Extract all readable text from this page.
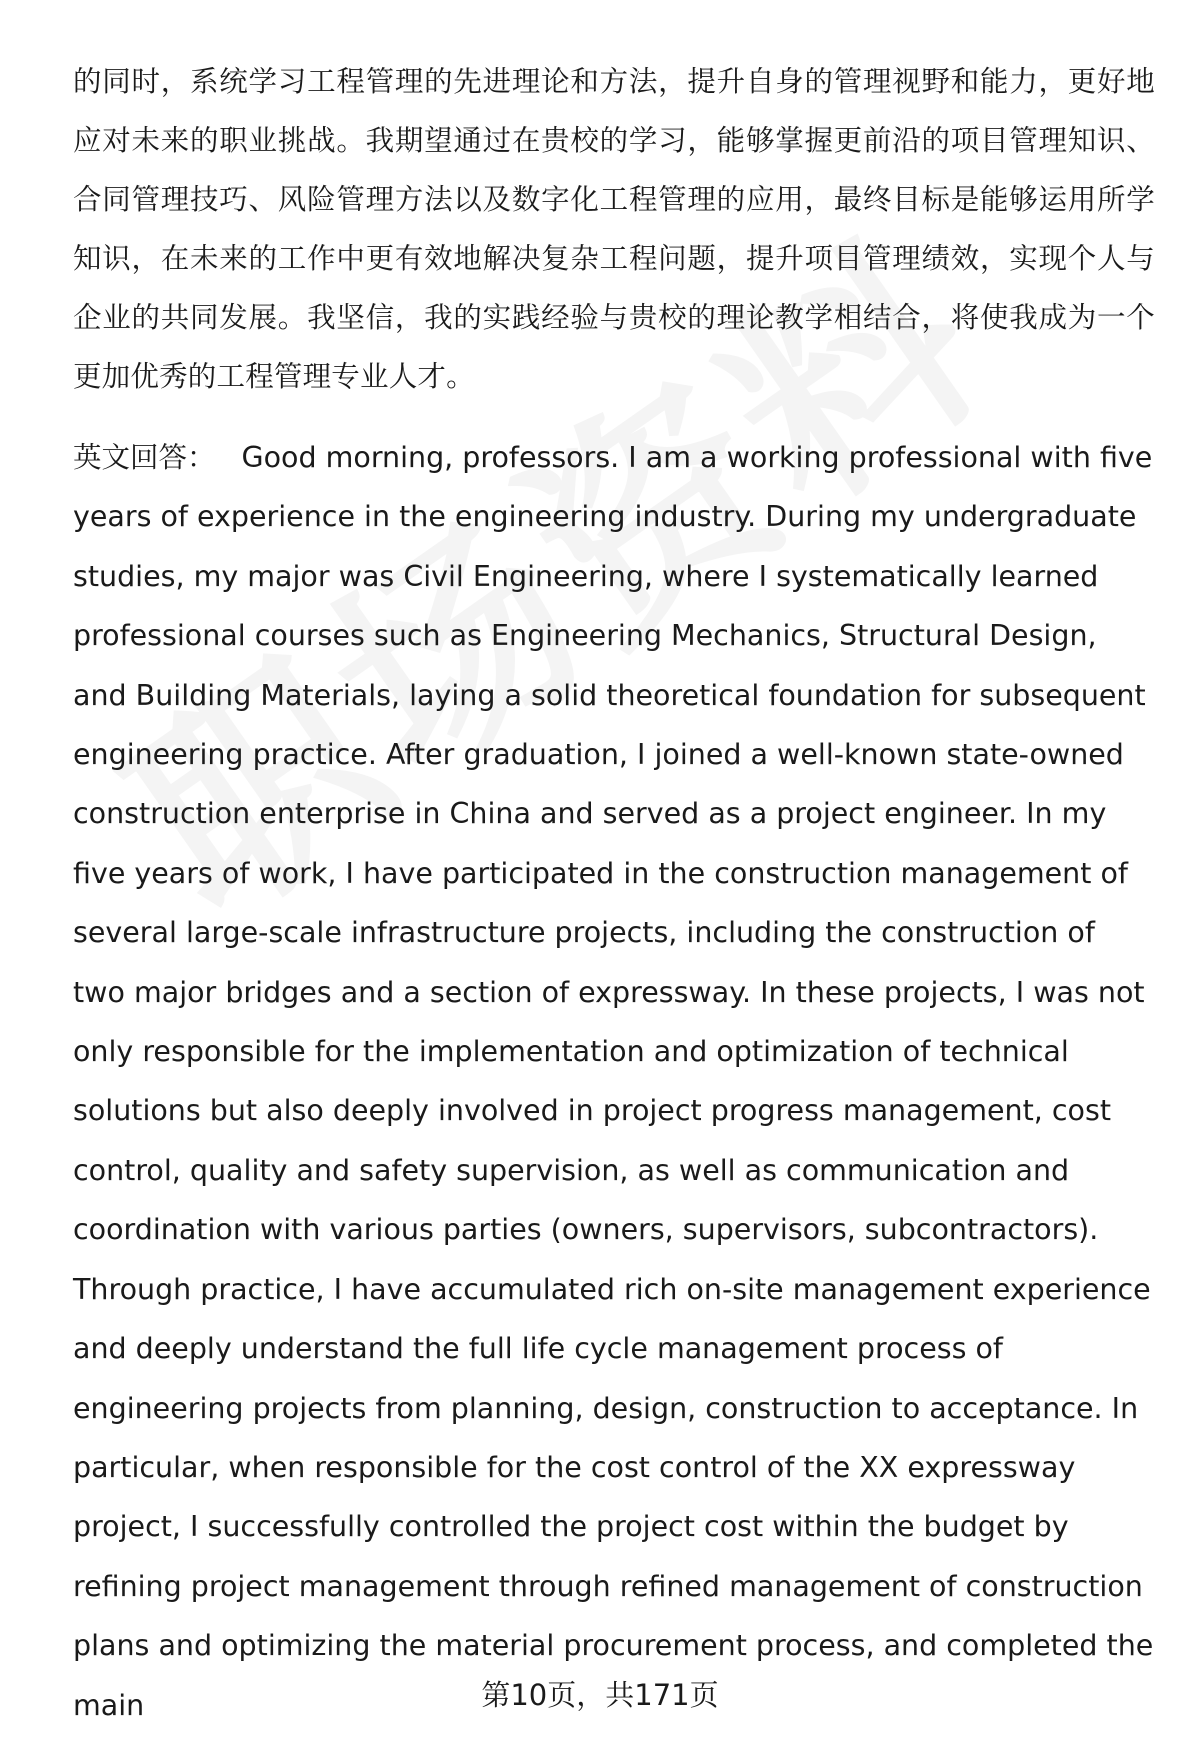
的同时，系统学习工程管理的先进理论和方法，提升自身的管理视野和能力，更好地应对未来的职业挑战。我期望通过在贵校的学习，能够掌握更前沿的项目管理知识、合同管理技巧、风险管理方法以及数字化工程管理的应用，最终目标是能够运用所学知识，在未来的工作中更有效地解决复杂工程问题，提升项目管理绩效，实现个人与企业的共同发展。我坚信，我的实践经验与贵校的理论教学相结合，将使我成为一个更加优秀的工程管理专业人才。

英文回答： Good morning, professors. I am a working professional with five years of experience in the engineering industry. During my undergraduate studies, my major was Civil Engineering, where I systematically learned professional courses such as Engineering Mechanics, Structural Design, and Building Materials, laying a solid theoretical foundation for subsequent engineering practice. After graduation, I joined a well-known state-owned construction enterprise in China and served as a project engineer. In my five years of work, I have participated in the construction management of several large-scale infrastructure projects, including the construction of two major bridges and a section of expressway. In these projects, I was not only responsible for the implementation and optimization of technical solutions but also deeply involved in project progress management, cost control, quality and safety supervision, as well as communication and coordination with various parties (owners, supervisors, subcontractors). Through practice, I have accumulated rich on-site management experience and deeply understand the full life cycle management process of engineering projects from planning, design, construction to acceptance. In particular, when responsible for the cost control of the XX expressway project, I successfully controlled the project cost within the budget by refining project management through refined management of construction plans and optimizing the material procurement process, and completed the main	第10页，共171页
